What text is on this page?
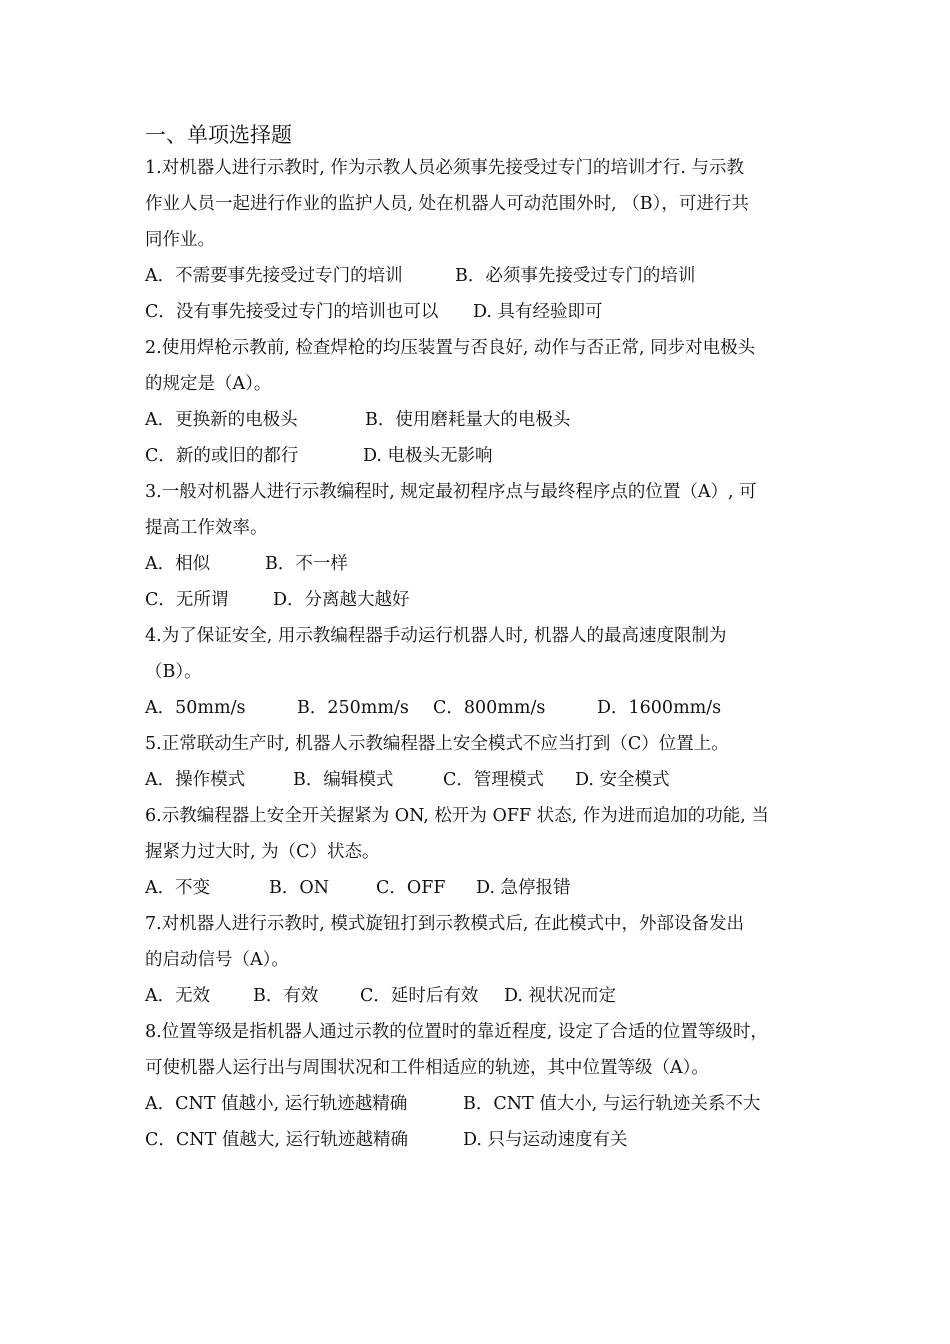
一、单项选择题
1.对机器人进行示教时, 作为示教人员必须事先接受过专门的培训才行. 与示教
作业人员一起进行作业的监护人员, 处在机器人可动范围外时, （B），可进行共
同作业。
A．不需要事先接受过专门的培训	B．必须事先接受过专门的培训
C．没有事先接受过专门的培训也可以 D. 具有经验即可
2.使用焊枪示教前, 检查焊枪的均压装置与否良好, 动作与否正常, 同步对电极头
的规定是（A）。
A．更换新的电极头	B．使用磨耗量大的电极头
C．新的或旧的都行	D. 电极头无影响
3.一般对机器人进行示教编程时, 规定最初程序点与最终程序点的位置（A）, 可
提高工作效率。
A．相似	B．不一样
C．无所谓	D．分离越大越好
4.为了保证安全, 用示教编程器手动运行机器人时, 机器人的最高速度限制为
（B）。
A．50mm/s	B．250mm/s C．800mm/s	D．1600mm/s
5.正常联动生产时, 机器人示教编程器上安全模式不应当打到（C）位置上。
A．操作模式	B．编辑模式	C．管理模式 D. 安全模式
6.示教编程器上安全开关握紧为 ON, 松开为 OFF 状态, 作为进而追加的功能, 当
握紧力过大时, 为（C）状态。
A．不变	B．ON	C．OFF D. 急停报错
7.对机器人进行示教时, 模式旋钮打到示教模式后, 在此模式中，外部设备发出
的启动信号（A）。
A．无效 B．有效 C．延时后有效 D. 视状况而定
8.位置等级是指机器人通过示教的位置时的靠近程度, 设定了合适的位置等级时，
可使机器人运行出与周围状况和工件相适应的轨迹，其中位置等级（A）。
A．CNT 值越小, 运行轨迹越精确	B．CNT 值大小, 与运行轨迹关系不大
C．CNT 值越大, 运行轨迹越精确	D. 只与运动速度有关
